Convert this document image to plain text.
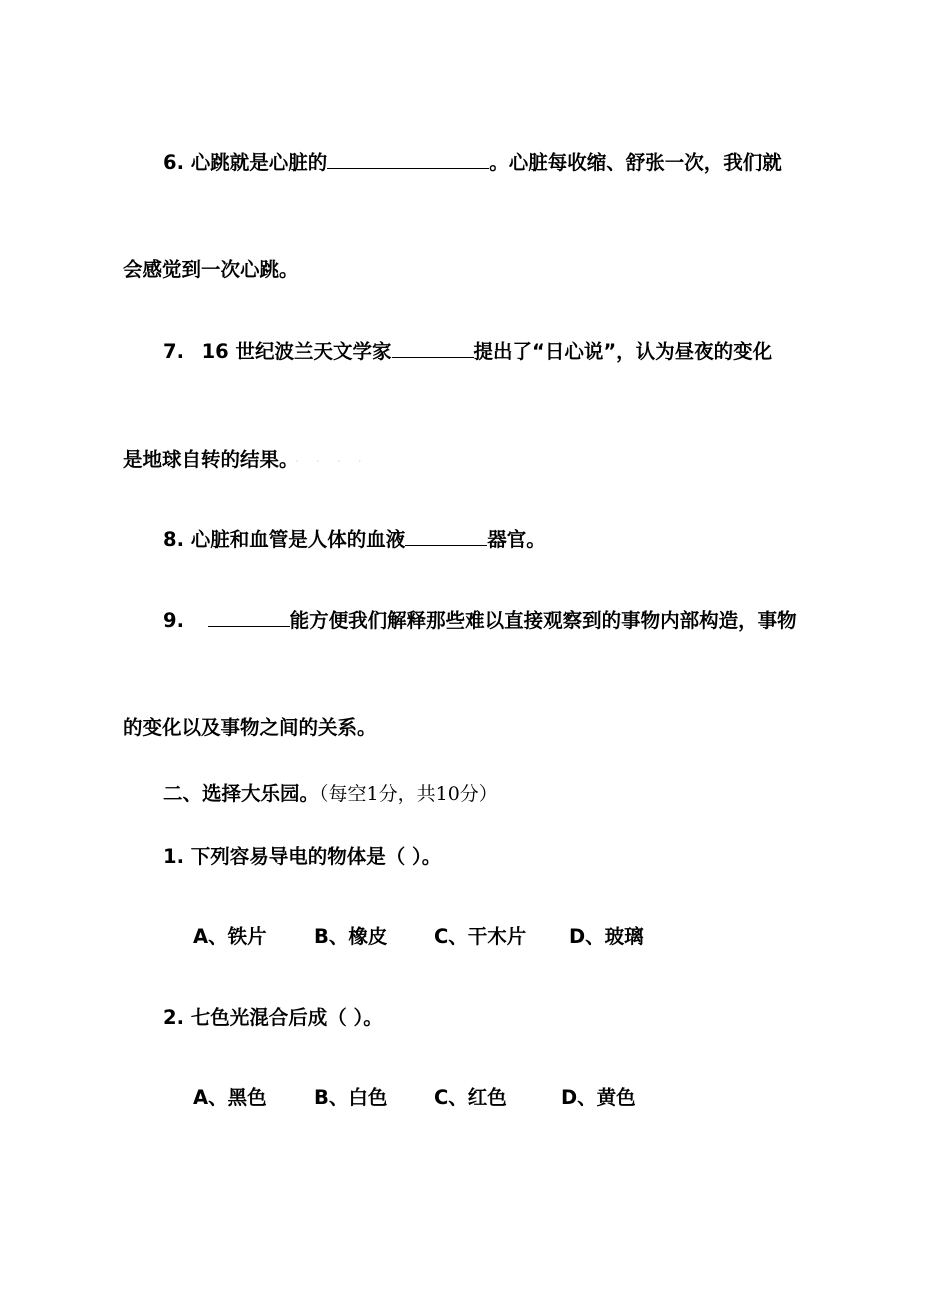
6. 心跳就是心脏的	。心脏每收缩、舒张一次，我们就
会感觉到一次心跳。
7. 16 世纪波兰天文学家	提出了“日心说”，认为昼夜的变化
是地球自转的结果。 · · · ·
8. 心脏和血管是人体的血液	器官。
9.	能方便我们解释那些难以直接观察到的事物内部构造，事物
的变化以及事物之间的关系。
二、选择大乐园。（每空1分，共10分）
1. 下列容易导电的物体是（ ）。
A、铁片 B、橡皮 C、干木片 D、玻璃
2. 七色光混合后成（ ）。
A、黑色 B、白色 C、红色	D、黄色
